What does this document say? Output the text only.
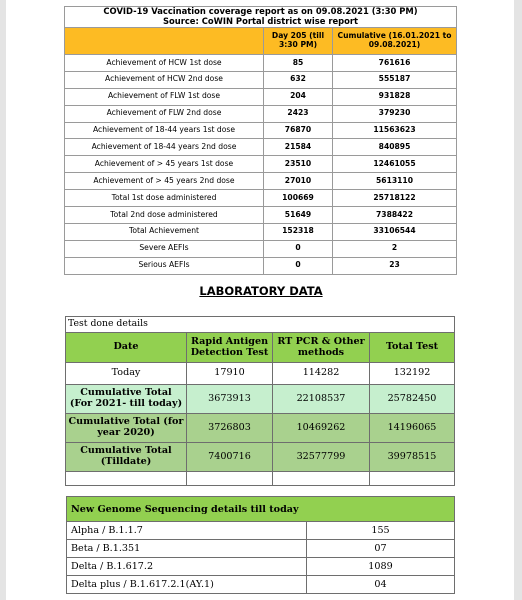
COVID-19 Vaccination coverage report as on 09.08.2021 (3:30 PM)
Source: CoWIN Portal district wise report		

	Day 205 (till 3:30 PM)	Cumulative (16.01.2021 to 09.08.2021)
Achievement of HCW 1st dose	85	761616
Achievement of HCW 2nd dose	632	555187
Achievement of FLW 1st dose	204	931828
Achievement of FLW 2nd dose	2423	379230
Achievement of 18-44 years 1st dose	76870	11563623
Achievement of 18-44 years 2nd dose	21584	840895
Achievement of > 45 years 1st dose	23510	12461055
Achievement of > 45 years 2nd dose	27010	5613110
Total 1st dose administered	100669	25718122
Total 2nd dose administered	51649	7388422
Total Achievement	152318	33106544
Severe AEFIs	0	2
Serious AEFIs	0	23
LABORATORY DATA
Test done details			
Date	Rapid Antigen Detection Test	RT PCR & Other methods	Total Test
Today	17910	114282	132192
Cumulative Total (For 2021- till today)	3673913	22108537	25782450
Cumulative Total (for year 2020)	3726803	10469262	14196065
Cumulative Total (Tilldate)	7400716	32577799	39978515

New Genome Sequencing details till today	
Alpha / B.1.1.7	155
Beta / B.1.351	07
Delta / B.1.617.2	1089
Delta plus / B.1.617.2.1(AY.1)	04
